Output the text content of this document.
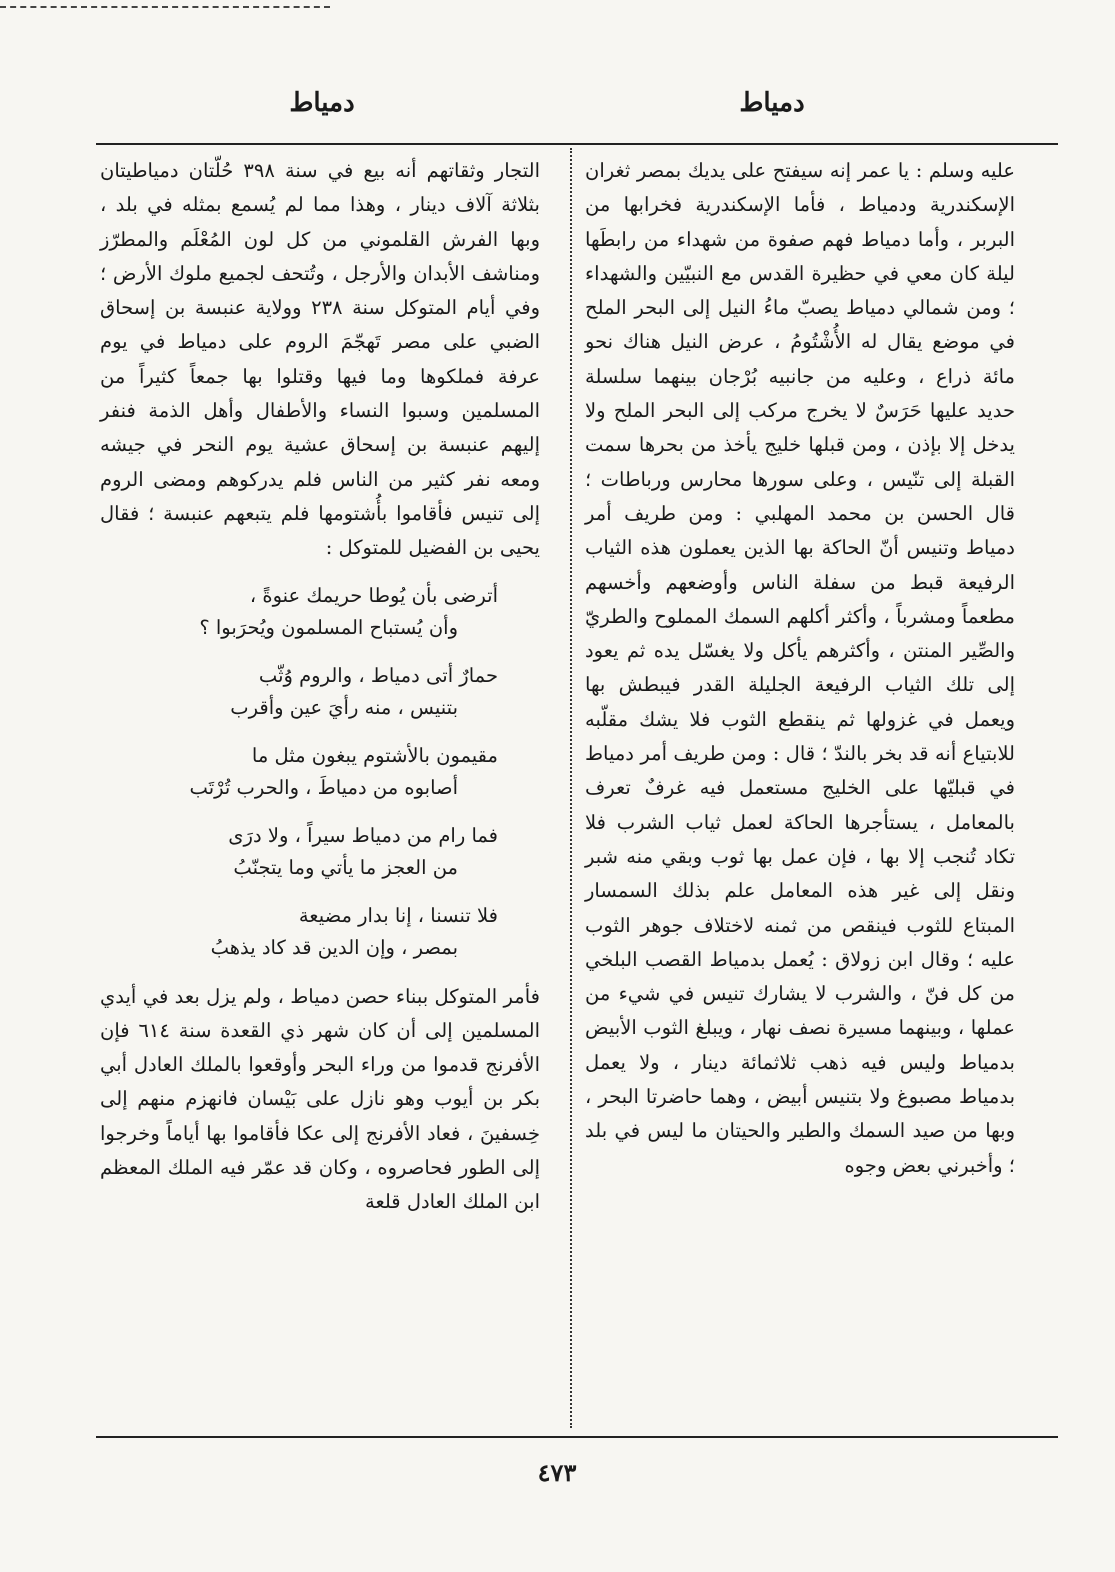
دمياط
دمياط

عليه وسلم : يا عمر إنه سيفتح على يديك بمصر ثغران الإسكندرية ودمياط ، فأما الإسكندرية فخرابها من البربر ، وأما دمياط فهم صفوة من شهداء من رابطَها ليلة كان معي في حظيرة القدس مع النبيّين والشهداء ؛ ومن شمالي دمياط يصبّ ماءُ النيل إلى البحر الملح في موضع يقال له الأُشْتُومُ ، عرض النيل هناك نحو مائة ذراع ، وعليه من جانبيه بُرْجان بينهما سلسلة حديد عليها حَرَسٌ لا يخرج مركب إلى البحر الملح ولا يدخل إلا بإذن ، ومن قبلها خليج يأخذ من بحرها سمت القبلة إلى تنّيس ، وعلى سورها محارس ورباطات ؛ قال الحسن بن محمد المهلبي : ومن طريف أمر دمياط وتنيس أنّ الحاكة بها الذين يعملون هذه الثياب الرفيعة قبط من سفلة الناس وأوضعهم وأخسهم مطعماً ومشرباً ، وأكثر أكلهم السمك المملوح والطريّ والصِّير المنتن ، وأكثرهم يأكل ولا يغسّل يده ثم يعود إلى تلك الثياب الرفيعة الجليلة القدر فيبطش بها ويعمل في غزولها ثم ينقطع الثوب فلا يشك مقلّبه للابتياع أنه قد بخر بالندّ ؛ قال : ومن طريف أمر دمياط في قبليّها على الخليج مستعمل فيه غرفٌ تعرف بالمعامل ، يستأجرها الحاكة لعمل ثياب الشرب فلا تكاد تُنجب إلا بها ، فإن عمل بها ثوب وبقي منه شبر ونقل إلى غير هذه المعامل علم بذلك السمسار المبتاع للثوب فينقص من ثمنه لاختلاف جوهر الثوب عليه ؛ وقال ابن زولاق : يُعمل بدمياط القصب البلخي من كل فنّ ، والشرب لا يشارك تنيس في شيء من عملها ، وبينهما مسيرة نصف نهار ، ويبلغ الثوب الأبيض بدمياط وليس فيه ذهب ثلاثمائة دينار ، ولا يعمل بدمياط مصبوغ ولا بتنيس أبيض ، وهما حاضرتا البحر ، وبها من صيد السمك والطير والحيتان ما ليس في بلد ؛ وأخبرني بعض وجوه

التجار وثقاتهم أنه بيع في سنة ٣٩٨ حُلّتان دمياطيتان بثلاثة آلاف دينار ، وهذا مما لم يُسمع بمثله في بلد ، وبها الفرش القلموني من كل لون المُعْلَم والمطرّز ومناشف الأبدان والأرجل ، وتُتحف لجميع ملوك الأرض ؛ وفي أيام المتوكل سنة ٢٣٨ وولاية عنبسة بن إسحاق الضبي على مصر تَهجّمَ الروم على دمياط في يوم عرفة فملكوها وما فيها وقتلوا بها جمعاً كثيراً من المسلمين وسبوا النساء والأطفال وأهل الذمة فنفر إليهم عنبسة بن إسحاق عشية يوم النحر في جيشه ومعه نفر كثير من الناس فلم يدركوهم ومضى الروم إلى تنيس فأقاموا بأُشتومها فلم يتبعهم عنبسة ؛ فقال يحيى بن الفضيل للمتوكل :

أترضى بأن يُوطا حريمك عنوةً ،
وأن يُستباح المسلمون ويُحرَبوا ؟
حمارٌ أتى دمياط ، والروم وُثّب
بتنيس ، منه رأيَ عين وأقرب
مقيمون بالأشتوم يبغون مثل ما
أصابوه من دمياطَ ، والحرب تُرْتَب
فما رام من دمياط سيراً ، ولا درَى
من العجز ما يأتي وما يتجنّبُ
فلا تنسنا ، إنا بدار مضيعة
بمصر ، وإن الدين قد كاد يذهبُ

فأمر المتوكل ببناء حصن دمياط ، ولم يزل بعد في أيدي المسلمين إلى أن كان شهر ذي القعدة سنة ٦١٤ فإن الأفرنج قدموا من وراء البحر وأوقعوا بالملك العادل أبي بكر بن أيوب وهو نازل على بَيْسان فانهزم منهم إلى خِسفينَ ، فعاد الأفرنج إلى عكا فأقاموا بها أياماً وخرجوا إلى الطور فحاصروه ، وكان قد عمّر فيه الملك المعظم ابن الملك العادل قلعة

٤٧٣
